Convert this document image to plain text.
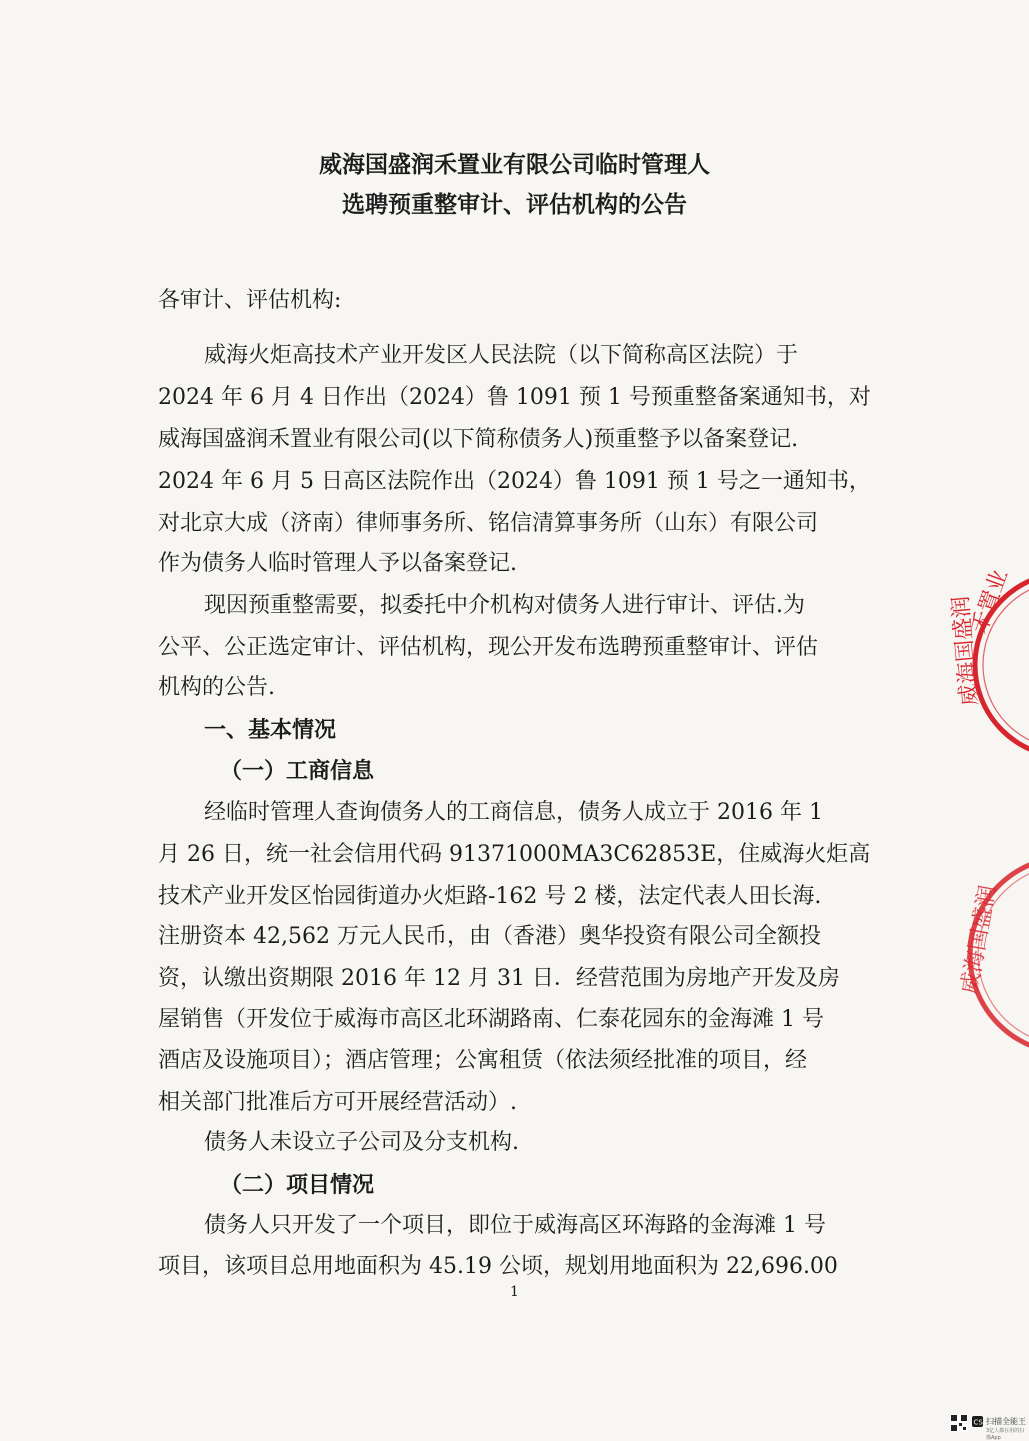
威海国盛润禾置业有限公司临时管理人
选聘预重整审计、评估机构的公告
各审计、评估机构:
威海火炬高技术产业开发区人民法院（以下简称高区法院）于
2024 年 6 月 4 日作出（2024）鲁 1091 预 1 号预重整备案通知书，对
威海国盛润禾置业有限公司(以下简称债务人)预重整予以备案登记.
2024 年 6 月 5 日高区法院作出（2024）鲁 1091 预 1 号之一通知书，
对北京大成（济南）律师事务所、铭信清算事务所（山东）有限公司
作为债务人临时管理人予以备案登记.
现因预重整需要，拟委托中介机构对债务人进行审计、评估.为
公平、公正选定审计、评估机构，现公开发布选聘预重整审计、评估
机构的公告.
一、基本情况
（一）工商信息
经临时管理人查询债务人的工商信息，债务人成立于 2016 年 1
月 26 日，统一社会信用代码 91371000MA3C62853E，住威海火炬高
技术产业开发区怡园街道办火炬路-162 号 2 楼，法定代表人田长海.
注册资本 42,562 万元人民币，由（香港）奥华投资有限公司全额投
资，认缴出资期限 2016 年 12 月 31 日．经营范围为房地产开发及房
屋销售（开发位于威海市高区北环湖路南、仁泰花园东的金海滩 1 号
酒店及设施项目）；酒店管理；公寓租赁（依法须经批准的项目，经
相关部门批准后方可开展经营活动）.
债务人未设立子公司及分支机构.
（二）项目情况
债务人只开发了一个项目，即位于威海高区环海路的金海滩 1 号
项目，该项目总用地面积为 45.19 公顷，规划用地面积为 22,696.00
1
禾置业
威海国盛润
威海国盛润
CS 扫描全能王
3亿人都在用的扫描App
